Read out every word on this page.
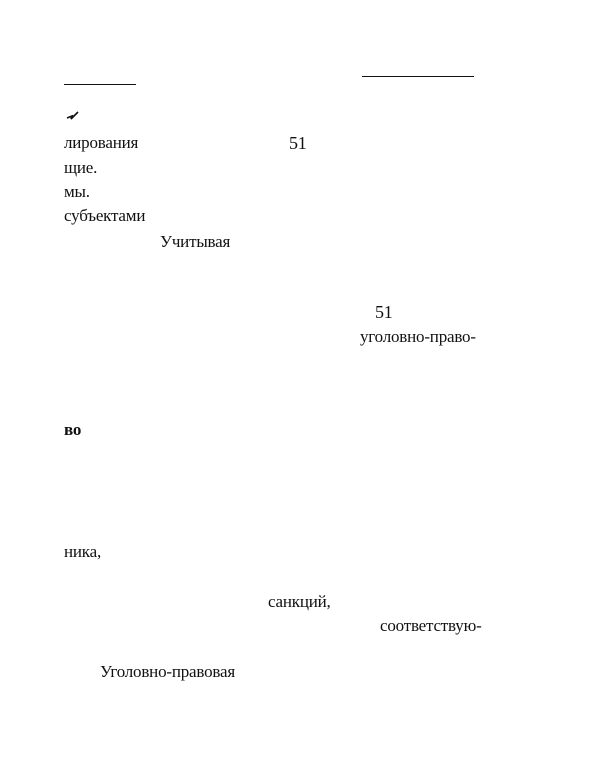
лирования
щие.
мы.
субъектами
Учитывая
51
51
уголовно-право-
во
ника,
санкций,
соответствую-
Уголовно-правовая
